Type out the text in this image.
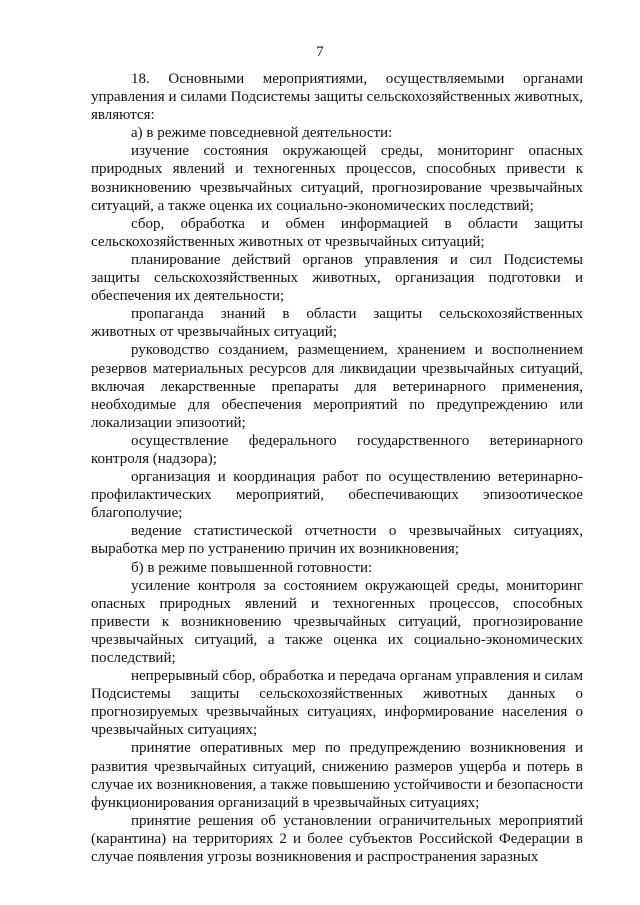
7

18. Основными мероприятиями, осуществляемыми органами управления и силами Подсистемы защиты сельскохозяйственных животных, являются:

а) в режиме повседневной деятельности:

изучение состояния окружающей среды, мониторинг опасных природных явлений и техногенных процессов, способных привести к возникновению чрезвычайных ситуаций, прогнозирование чрезвычайных ситуаций, а также оценка их социально-экономических последствий;

сбор, обработка и обмен информацией в области защиты сельскохозяйственных животных от чрезвычайных ситуаций;

планирование действий органов управления и сил Подсистемы защиты сельскохозяйственных животных, организация подготовки и обеспечения их деятельности;

пропаганда знаний в области защиты сельскохозяйственных животных от чрезвычайных ситуаций;

руководство созданием, размещением, хранением и восполнением резервов материальных ресурсов для ликвидации чрезвычайных ситуаций, включая лекарственные препараты для ветеринарного применения, необходимые для обеспечения мероприятий по предупреждению или локализации эпизоотий;

осуществление федерального государственного ветеринарного контроля (надзора);

организация и координация работ по осуществлению ветеринарно-профилактических мероприятий, обеспечивающих эпизоотическое благополучие;

ведение статистической отчетности о чрезвычайных ситуациях, выработка мер по устранению причин их возникновения;

б) в режиме повышенной готовности:

усиление контроля за состоянием окружающей среды, мониторинг опасных природных явлений и техногенных процессов, способных привести к возникновению чрезвычайных ситуаций, прогнозирование чрезвычайных ситуаций, а также оценка их социально-экономических последствий;

непрерывный сбор, обработка и передача органам управления и силам Подсистемы защиты сельскохозяйственных животных данных о прогнозируемых чрезвычайных ситуациях, информирование населения о чрезвычайных ситуациях;

принятие оперативных мер по предупреждению возникновения и развития чрезвычайных ситуаций, снижению размеров ущерба и потерь в случае их возникновения, а также повышению устойчивости и безопасности функционирования организаций в чрезвычайных ситуациях;

принятие решения об установлении ограничительных мероприятий (карантина) на территориях 2 и более субъектов Российской Федерации в случае появления угрозы возникновения и распространения заразных
